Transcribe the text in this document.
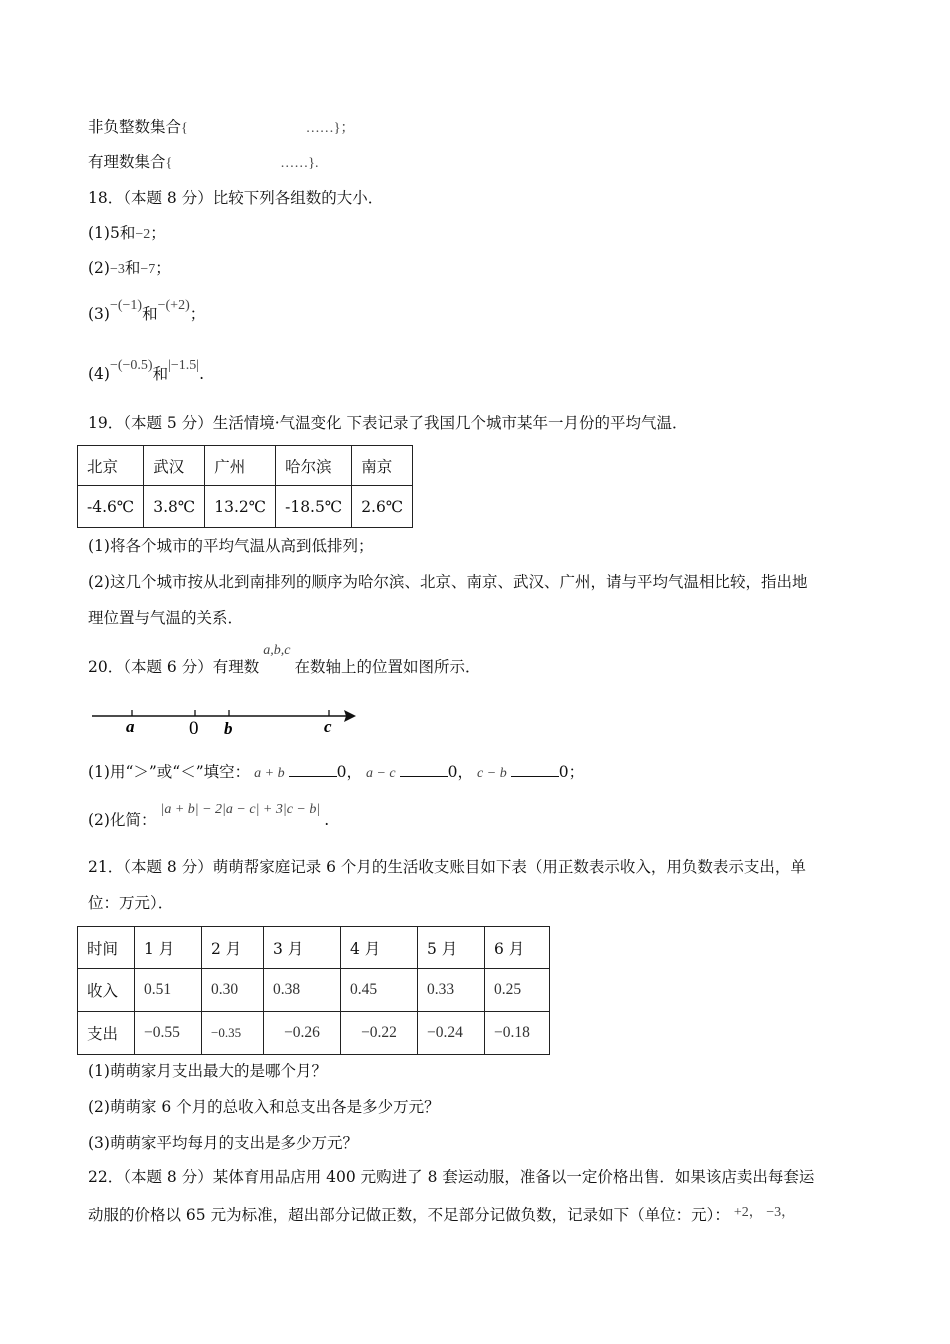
非负整数集合{	……}；
有理数集合{	……}.
18．（本题 8 分）比较下列各组数的大小．
(1)5和−2；
(2)−3和−7；
(3)−(−1)和−(+2)；
(4)−(−0.5)和|−1.5|.
19．（本题 5 分）生活情境·气温变化 下表记录了我国几个城市某年一月份的平均气温．
北京	武汉	广州	哈尔滨	南京
-4.6℃	3.8℃	13.2℃	-18.5℃	2.6℃
(1)将各个城市的平均气温从高到低排列；
(2)这几个城市按从北到南排列的顺序为哈尔滨、北京、南京、武汉、广州，请与平均气温相比较，指出地
理位置与气温的关系．
20．（本题 6 分）有理数a,b,c在数轴上的位置如图所示．
a	0 b	c
(1)用“＞”或“＜”填空： a + b	0， a − c	0， c − b	0；
(2)化简：|a + b| − 2|a − c| + 3|c − b|.
21．（本题 8 分）萌萌帮家庭记录 6 个月的生活收支账目如下表（用正数表示收入，用负数表示支出，单
位：万元）．
时间	1 月	2 月	3 月	4 月	5 月	6 月
收入	0.51	0.30	0.38	0.45	0.33	0.25
支出	−0.55	−0.35	−0.26	−0.22	−0.24	−0.18
(1)萌萌家月支出最大的是哪个月？
(2)萌萌家 6 个月的总收入和总支出各是多少万元？
(3)萌萌家平均每月的支出是多少万元？
22．（本题 8 分）某体育用品店用 400 元购进了 8 套运动服，准备以一定价格出售．如果该店卖出每套运
动服的价格以 65 元为标准，超出部分记做正数，不足部分记做负数，记录如下（单位：元）： +2， −3，
